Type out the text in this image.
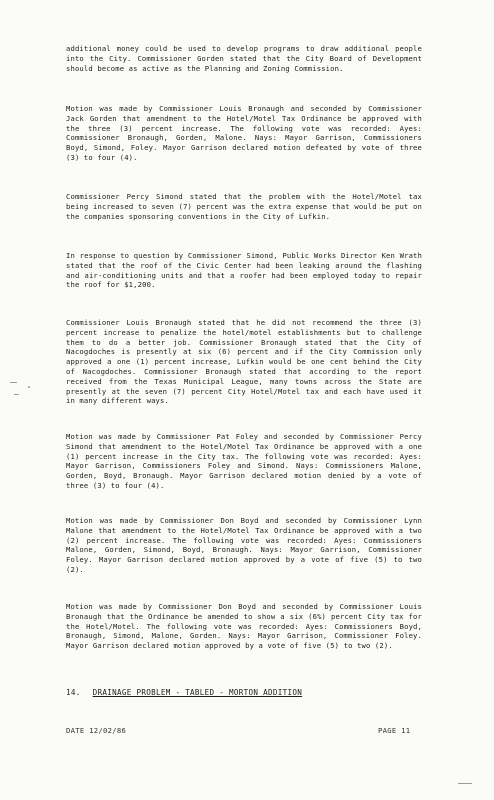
additional money could be used to develop programs to draw additional people into the City. Commissioner Gorden stated that the City Board of Development should become as active as the Planning and Zoning Commission.
Motion was made by Commissioner Louis Bronaugh and seconded by Commissioner Jack Gorden that amendment to the Hotel/Motel Tax Ordinance be approved with the three (3) percent increase. The following vote was recorded: Ayes: Commissioner Bronaugh, Gorden, Malone. Nays: Mayor Garrison, Commissioners Boyd, Simond, Foley. Mayor Garrison declared motion defeated by vote of three (3) to four (4).
Commissioner Percy Simond stated that the problem with the Hotel/Motel tax being increased to seven (7) percent was the extra expense that would be put on the companies sponsoring conventions in the City of Lufkin.
In response to question by Commissioner Simond, Public Works Director Ken Wrath stated that the roof of the Civic Center had been leaking around the flashing and air-conditioning units and that a roofer had been employed today to repair the roof for $1,200.
Commissioner Louis Bronaugh stated that he did not recommend the three (3) percent increase to penalize the hotel/motel establishments but to challenge them to do a better job. Commissioner Bronaugh stated that the City of Nacogdoches is presently at six (6) percent and if the City Commission only approved a one (1) percent increase, Lufkin would be one cent behind the City of Nacogdoches. Commissioner Bronaugh stated that according to the report received from the Texas Municipal League, many towns across the State are presently at the seven (7) percent City Hotel/Motel tax and each have used it in many different ways.
Motion was made by Commissioner Pat Foley and seconded by Commissioner Percy Simond that amendment to the Hotel/Motel Tax Ordinance be approved with a one (1) percent increase in the City tax. The following vote was recorded: Ayes: Mayor Garrison, Commissioners Foley and Simond. Nays: Commissioners Malone, Gorden, Boyd, Bronaugh. Mayor Garrison declared motion denied by a vote of three (3) to four (4).
Motion was made by Commissioner Don Boyd and seconded by Commissioner Lynn Malone that amendment to the Hotel/Motel Tax Ordinance be approved with a two (2) percent increase. The following vote was recorded: Ayes: Commissioners Malone, Gorden, Simond, Boyd, Bronaugh. Nays: Mayor Garrison, Commissioner Foley. Mayor Garrison declared motion approved by a vote of five (5) to two (2).
Motion was made by Commissioner Don Boyd and seconded by Commissioner Louis Bronaugh that the Ordinance be amended to show a six (6%) percent City tax for the Hotel/Motel. The following vote was recorded: Ayes: Commissioners Boyd, Bronaugh, Simond, Malone, Gorden. Nays: Mayor Garrison, Commissioner Foley. Mayor Garrison declared motion approved by a vote of five (5) to two (2).
14. DRAINAGE PROBLEM - TABLED - MORTON ADDITION
DATE 12/02/86	PAGE 11
